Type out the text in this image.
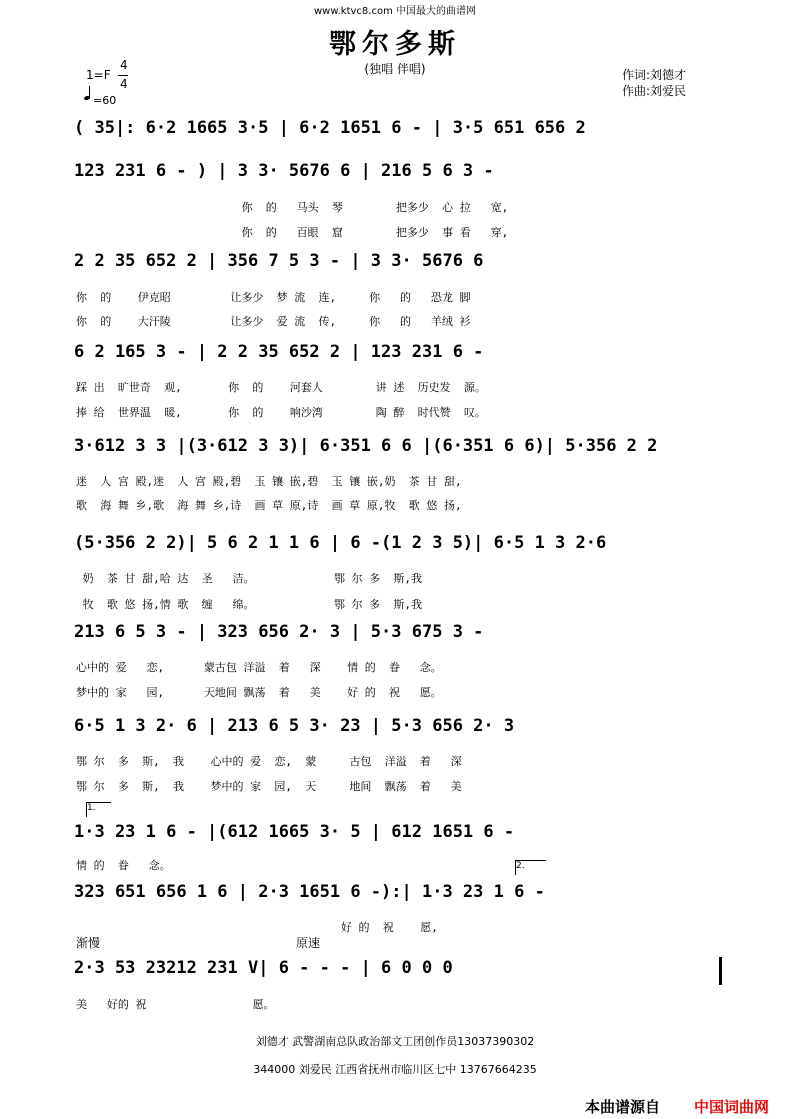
www.ktvc8.com 中国最大的曲谱网
鄂尔多斯
(独唱 伴唱)
1=F
4
4
=60
作词:刘德才
作曲:刘爱民
( 35|: 6·2 1665 3·5 | 6·2 1651 6 - | 3·5 651 656 2
123 231 6 - ) | 3 3· 5676 6 | 216 5 6 3 -
你  的   马头  琴        把多少  心 拉   宽,
你  的   百眼  窟        把多少  事 看   穿,
2 2 35 652 2 | 356 7 5 3 - | 3 3· 5676 6
你  的    伊克昭         让多少  梦 流  连,     你   的   恐龙 脚
你  的    大汗陵         让多少  爱 流  传,     你   的   羊绒 衫
6 2 165 3 - | 2 2 35 652 2 | 123 231 6 -
踩 出  旷世奇  观,       你  的    河套人        讲 述  历史发  源。
捧 给  世界温  暖,       你  的    响沙湾        陶 醉  时代赞  叹。
3·612 3 3 |(3·612 3 3)| 6·351 6 6 |(6·351 6 6)| 5·356 2 2
迷  人 宫 殿,迷  人 宫 殿,碧  玉 镶 嵌,碧  玉 镶 嵌,奶  茶 甘 甜,
歌  海 舞 乡,歌  海 舞 乡,诗  画 草 原,诗  画 草 原,牧  歌 悠 扬,
(5·356 2 2)| 5 6 2 1 1 6 | 6 -(1 2 3 5)| 6·5 1 3 2·6
奶  茶 甘 甜,哈 达  圣   洁。            鄂 尔 多  斯,我
牧  歌 悠 扬,情 歌  缠   绵。            鄂 尔 多  斯,我
213 6 5 3 - | 323 656 2· 3 | 5·3 675 3 -
心中的 爱   恋,      蒙古包 洋溢  着   深    情 的  眷   念。
梦中的 家   园,      天地间 飘荡  着   美    好 的  祝   愿。
6·5 1 3 2· 6 | 213 6 5 3· 23 | 5·3 656 2· 3
鄂 尔  多  斯,  我    心中的 爱  恋,  蒙     古包  洋溢  着   深
鄂 尔  多  斯,  我    梦中的 家  园,  天     地间  飘荡  着   美
1.
1·3 23 1 6 - |(612 1665 3· 5 | 612 1651 6 -
情 的  眷   念。	2.
323 651 656 1 6 | 2·3 1651 6 -):| 1·3 23 1 6 -
好 的  祝    愿,
渐慢	原速
2·3 53 23212 231 V| 6 - - - | 6 0 0 0
美   好的 祝                愿。
刘德才 武警湖南总队政治部文工团创作员13037390302
344000 刘爱民 江西省抚州市临川区七中 13767664235
本曲谱源自 中国词曲网
